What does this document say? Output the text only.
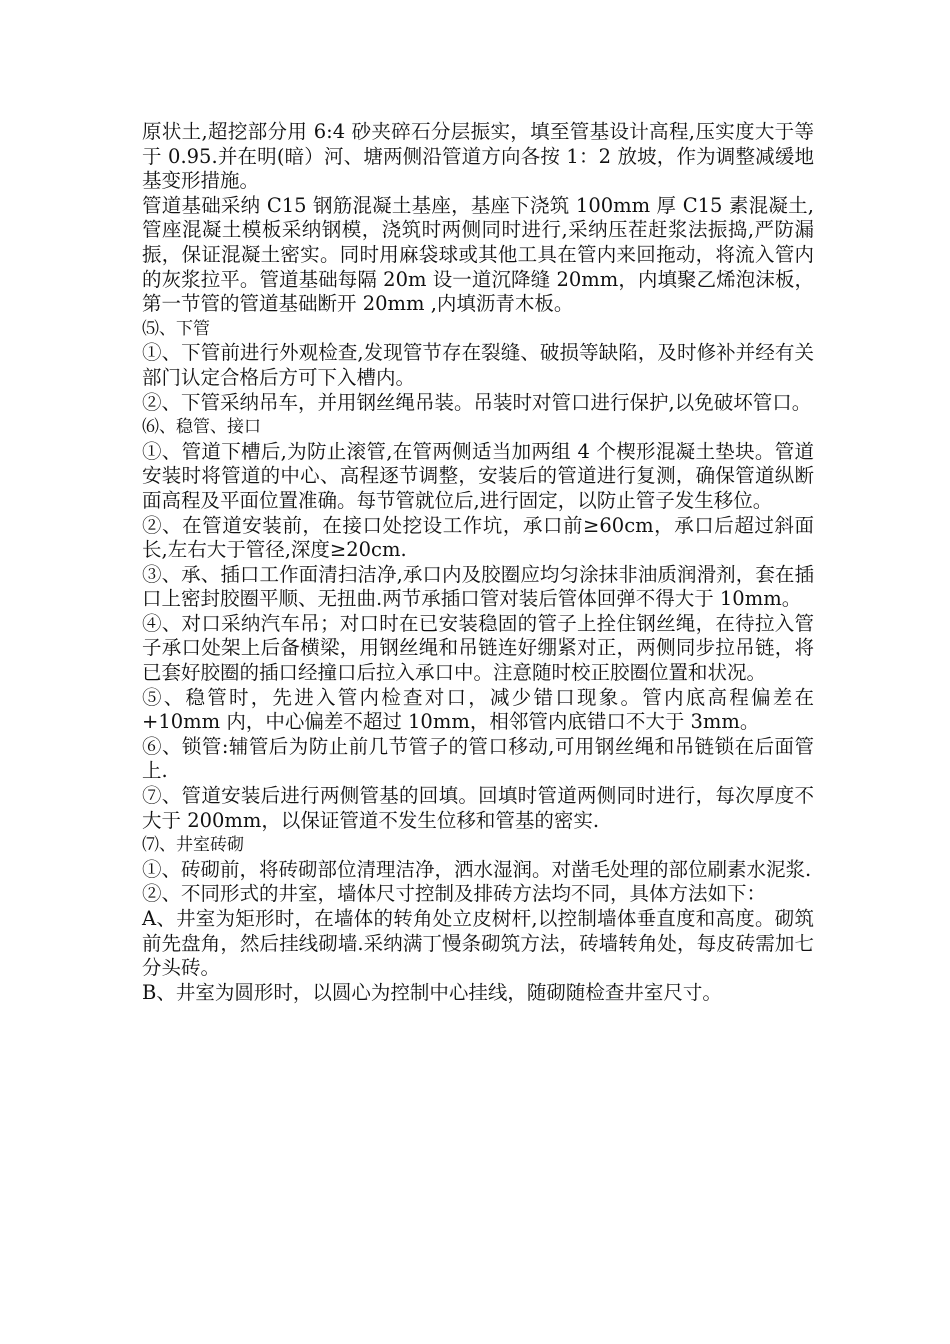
原状土,超挖部分用 6:4 砂夹碎石分层振实，填至管基设计高程,压实度大于等于 0.95.并在明(暗）河、塘两侧沿管道方向各按 1：2 放坡，作为调整减缓地基变形措施。

管道基础采纳 C15 钢筋混凝土基座，基座下浇筑 100mm 厚 C15 素混凝土,管座混凝土模板采纳钢模，浇筑时两侧同时进行,采纳压茬赶浆法振捣,严防漏振，保证混凝土密实。同时用麻袋球或其他工具在管内来回拖动，将流入管内的灰浆拉平。管道基础每隔 20m 设一道沉降缝 20mm，内填聚乙烯泡沫板，第一节管的管道基础断开 20mm ,内填沥青木板。

⑸、下管

①、下管前进行外观检查,发现管节存在裂缝、破损等缺陷，及时修补并经有关部门认定合格后方可下入槽内。

②、下管采纳吊车，并用钢丝绳吊装。吊装时对管口进行保护,以免破坏管口。

⑹、稳管、接口

①、管道下槽后,为防止滚管,在管两侧适当加两组 4 个楔形混凝土垫块。管道安装时将管道的中心、高程逐节调整，安装后的管道进行复测，确保管道纵断面高程及平面位置准确。每节管就位后,进行固定，以防止管子发生移位。

②、在管道安装前，在接口处挖设工作坑，承口前≥60cm，承口后超过斜面长,左右大于管径,深度≥20cm.

③、承、插口工作面清扫洁净,承口内及胶圈应均匀涂抹非油质润滑剂，套在插口上密封胶圈平顺、无扭曲.两节承插口管对装后管体回弹不得大于 10mm。

④、对口采纳汽车吊；对口时在已安装稳固的管子上拴住钢丝绳，在待拉入管子承口处架上后备横梁，用钢丝绳和吊链连好绷紧对正，两侧同步拉吊链，将已套好胶圈的插口经撞口后拉入承口中。注意随时校正胶圈位置和状况。

⑤、稳管时，先进入管内检查对口，减少错口现象。管内底高程偏差在+10mm 内，中心偏差不超过 10mm，相邻管内底错口不大于 3mm。

⑥、锁管:辅管后为防止前几节管子的管口移动,可用钢丝绳和吊链锁在后面管上.

⑦、管道安装后进行两侧管基的回填。回填时管道两侧同时进行，每次厚度不大于 200mm，以保证管道不发生位移和管基的密实.

⑺、井室砖砌

①、砖砌前，将砖砌部位清理洁净，洒水湿润。对凿毛处理的部位刷素水泥浆.

②、不同形式的井室，墙体尺寸控制及排砖方法均不同，具体方法如下：

A、井室为矩形时，在墙体的转角处立皮树杆,以控制墙体垂直度和高度。砌筑前先盘角，然后挂线砌墙.采纳满丁慢条砌筑方法，砖墙转角处，每皮砖需加七分头砖。

B、井室为圆形时，以圆心为控制中心挂线，随砌随检查井室尺寸。
